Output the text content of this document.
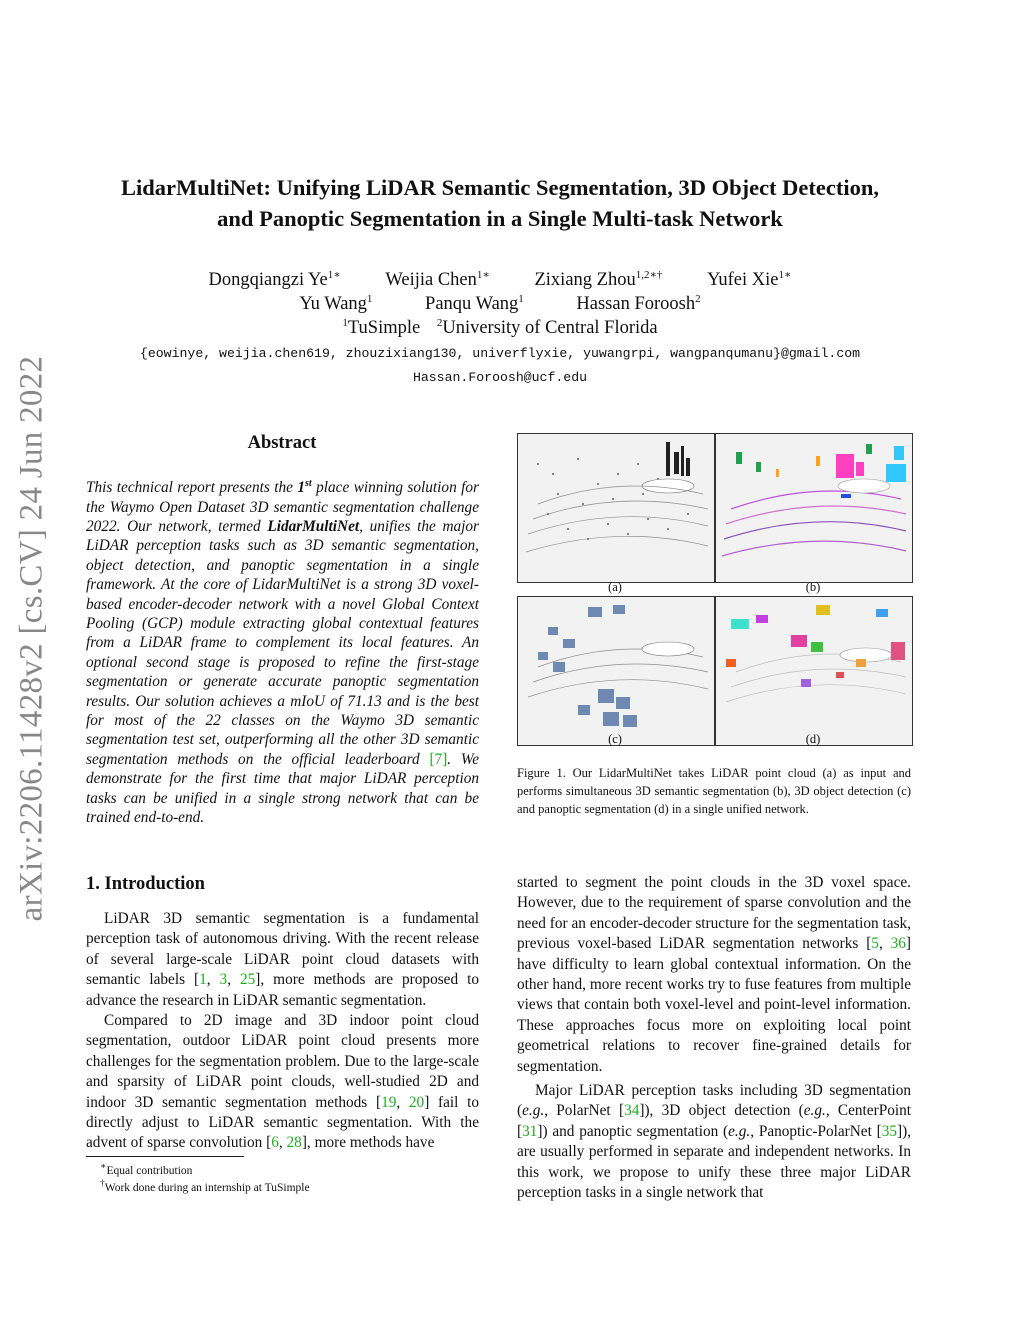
arXiv:2206.11428v2 [cs.CV] 24 Jun 2022
LidarMultiNet: Unifying LiDAR Semantic Segmentation, 3D Object Detection,
and Panoptic Segmentation in a Single Multi-task Network
Dongqiangzi $Ye^{1∗}$ Weijia Chen$^{1∗}$ Zixiang Zhou$^{1,2∗\dagger}$ Yufei Xie$^{1∗}$
Yu Wang$^1$	Panqu Wang$^1$	Hassan Foroosh$^2$
$^1$TuSimple $^2$University of Central Florida
{eowinye, weijia.chen619, zhouzixiang130, univerflyxie, yuwangrpi, wangpanqumanu}@gmail.com
Hassan.Foroosh@ucf.edu
Abstract
This technical report presents the 1st place winning solution for the Waymo Open Dataset 3D semantic segmentation challenge 2022. Our network, termed LidarMultiNet, unifies the major LiDAR perception tasks such as 3D semantic segmentation, object detection, and panoptic segmentation in a single framework. At the core of LidarMultiNet is a strong 3D voxel-based encoder-decoder network with a novel Global Context Pooling (GCP) module extracting global contextual features from a LiDAR frame to complement its local features. An optional second stage is proposed to refine the first-stage segmentation or generate accurate panoptic segmentation results. Our solution achieves a mIoU of 71.13 and is the best for most of the 22 classes on the Waymo 3D semantic segmentation test set, outperforming all the other 3D semantic segmentation methods on the official leaderboard [7]. We demonstrate for the first time that major LiDAR perception tasks can be unified in a single strong network that can be trained end-to-end.
(a)	(b)
(c)	(d)
Figure 1. Our LidarMultiNet takes LiDAR point cloud (a) as input and performs simultaneous 3D semantic segmentation (b), 3D object detection (c) and panoptic segmentation (d) in a single unified network.
1. Introduction

LiDAR 3D semantic segmentation is a fundamental perception task of autonomous driving. With the recent release of several large-scale LiDAR point cloud datasets with semantic labels [1, 3, 25], more methods are proposed to advance the research in LiDAR semantic segmentation.

Compared to 2D image and 3D indoor point cloud segmentation, outdoor LiDAR point cloud presents more challenges for the segmentation problem. Due to the large-scale and sparsity of LiDAR point clouds, well-studied 2D and indoor 3D semantic segmentation methods [19, 20] fail to directly adjust to LiDAR semantic segmentation. With the advent of sparse convolution [6, 28], more methods have

started to segment the point clouds in the 3D voxel space. However, due to the requirement of sparse convolution and the need for an encoder-decoder structure for the segmentation task, previous voxel-based LiDAR segmentation networks [5, 36] have difficulty to learn global contextual information. On the other hand, more recent works try to fuse features from multiple views that contain both voxel-level and point-level information. These approaches focus more on exploiting local point geometrical relations to recover fine-grained details for segmentation.

Major LiDAR perception tasks including 3D segmentation (e.g., PolarNet [34]), 3D object detection (e.g., CenterPoint [31]) and panoptic segmentation (e.g., Panoptic-PolarNet [35]), are usually performed in separate and independent networks. In this work, we propose to unify these three major LiDAR perception tasks in a single network that

∗Equal contribution
†Work done during an internship at TuSimple
